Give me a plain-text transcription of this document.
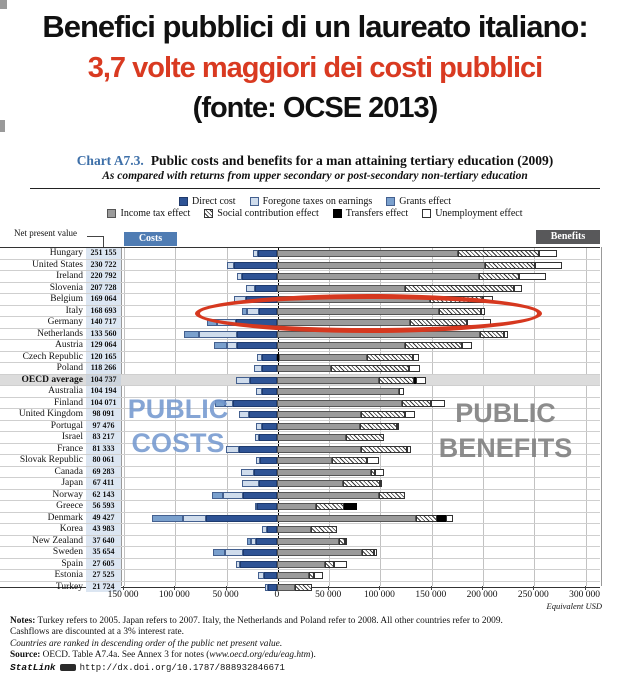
Benefici pubblici di un laureato italiano:
3,7 volte maggiori dei costi pubblici
(fonte: OCSE 2013)
Chart A7.3. Public costs and benefits for a man attaining tertiary education (2009)
As compared with returns from upper secondary or post-secondary non-tertiary education
Direct cost	Foregone taxes on earnings	Grants effect
Income tax effect	Social contribution effect	Transfers effect	Unemployment effect
Net present value	Costs	Benefits
Hungary 251 155
United States 230 722
Ireland 220 792
Slovenia 207 728
Belgium 169 064
Italy 168 693
Germany 140 717
Netherlands 133 560
Austria 129 064
Czech Republic 120 165
Poland 118 266
OECD average 104 737
Australia 104 194
Finland 104 071
United Kingdom	98 091
Portugal	97 476
Israel	83 217
France	81 333
Slovak Republic	80 061
Canada	69 283
Japan	67 411
Norway	62 143
Greece	56 593
Denmark	49 427
Korea	43 983
New Zealand	37 640
Sweden	35 654
Spain	27 605
Estonia	27 525
Turkey	21 724
PUBLIC
COSTS
PUBLIC
BENEFITS
150 000	100 000	50 000	0	50 000	100 000	150 000	200 000	250 000	300 000
Equivalent USD
Notes: Turkey refers to 2005. Japan refers to 2007. Italy, the Netherlands and Poland refer to 2008. All other countries refer to 2009.
Cashflows are discounted at a 3% interest rate.
Countries are ranked in descending order of the public net present value.
Source: OECD. Table A7.4a. See Annex 3 for notes (www.oecd.org/edu/eag.htm).
StatLink	http://dx.doi.org/10.1787/888932846671
